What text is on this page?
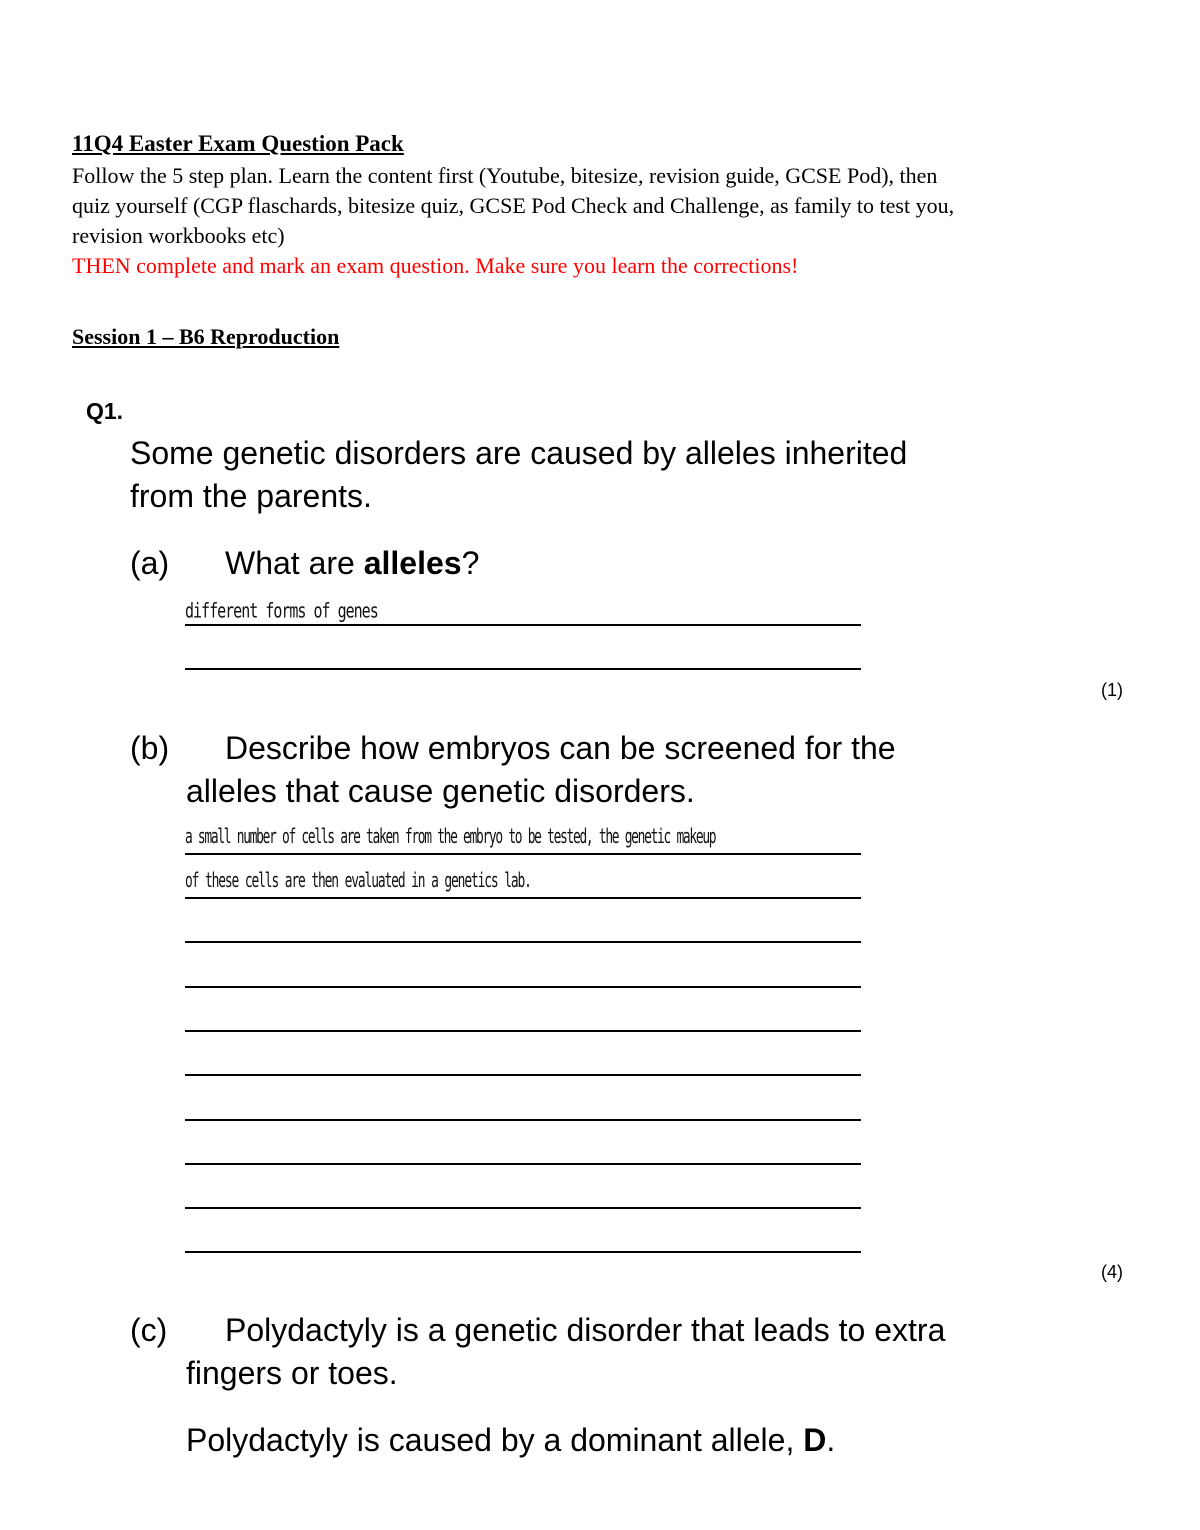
11Q4 Easter Exam Question Pack
Follow the 5 step plan. Learn the content first (Youtube, bitesize, revision guide, GCSE Pod), then
quiz yourself (CGP flaschards, bitesize quiz, GCSE Pod Check and Challenge, as family to test you,
revision workbooks etc)
THEN complete and mark an exam question. Make sure you learn the corrections!
Session 1 – B6 Reproduction
Q1.
Some genetic disorders are caused by alleles inherited
from the parents.
(a) What are alleles?
different forms of genes
(1)
(b) Describe how embryos can be screened for the
alleles that cause genetic disorders.
a small number of cells are taken from the embryo to be tested, the genetic makeup
of these cells are then evaluated in a genetics lab.
(4)
(c) Polydactyly is a genetic disorder that leads to extra
fingers or toes.
Polydactyly is caused by a dominant allele, D.
